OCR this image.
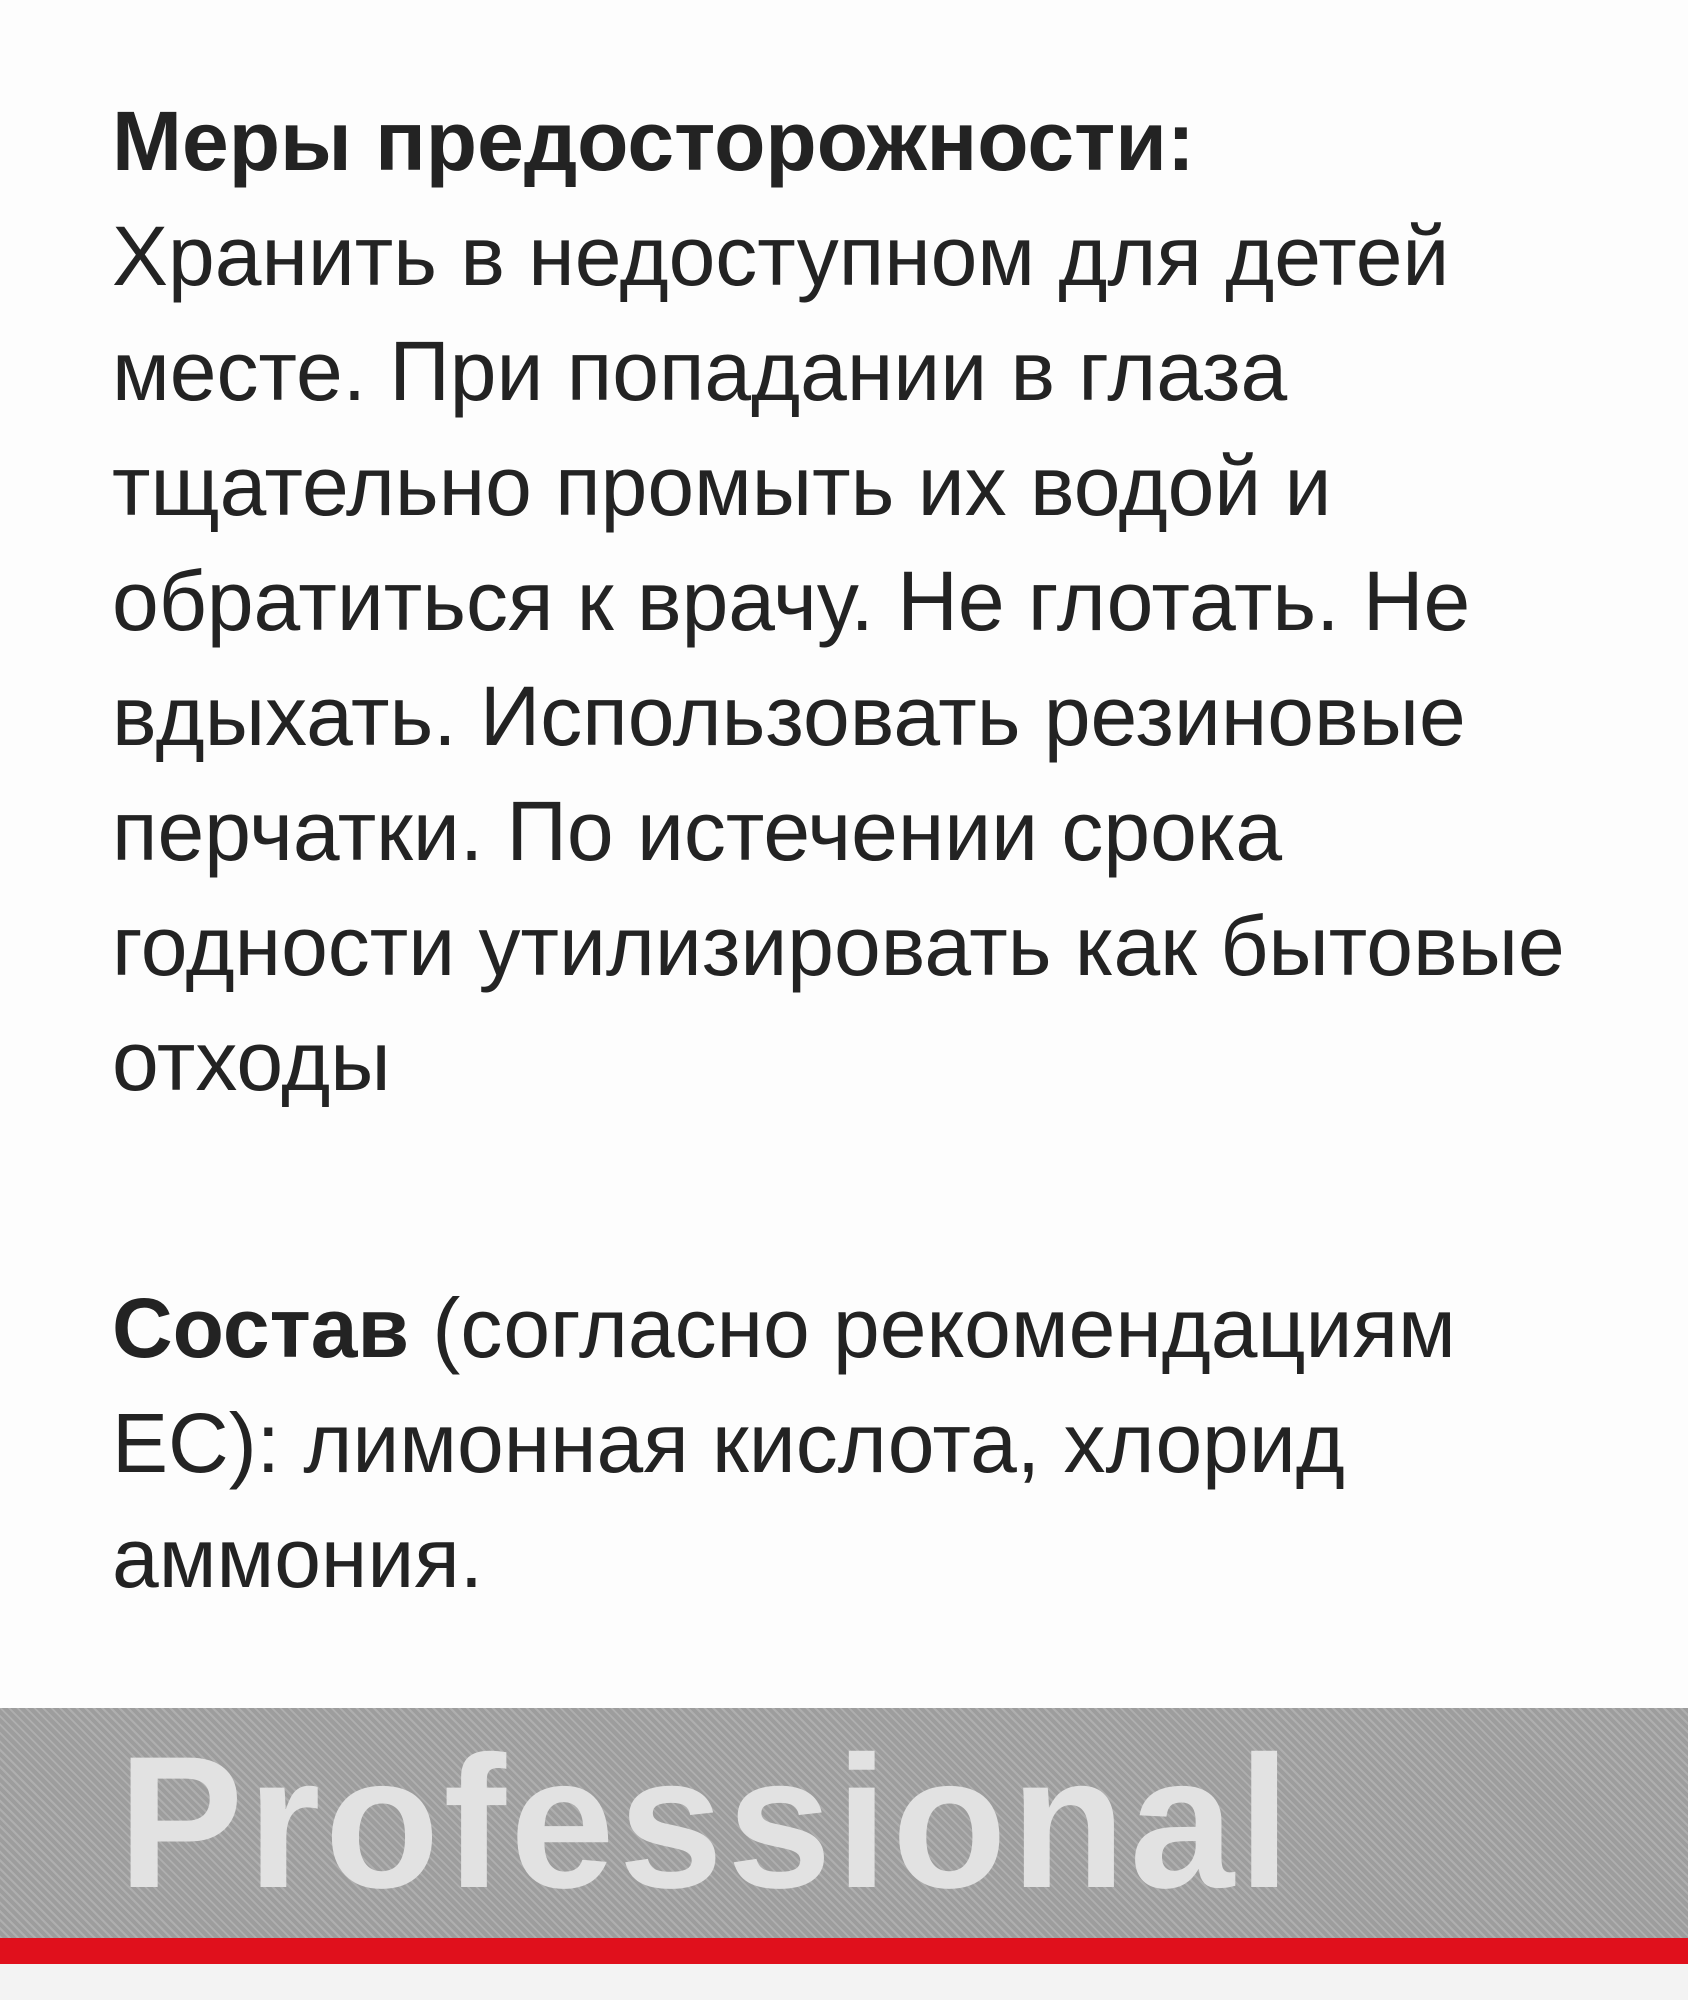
Меры предосторожности:
Хранить в недоступном для детей месте. При попадании в глаза тщательно промыть их водой и обратиться к врачу. Не глотать. Не вдыхать. Использовать резиновые перчатки. По истечении срока годности утилизировать как бытовые отходы

Состав (согласно рекомендациям ЕС): лимонная кислота, хлорид аммония.

Professional
